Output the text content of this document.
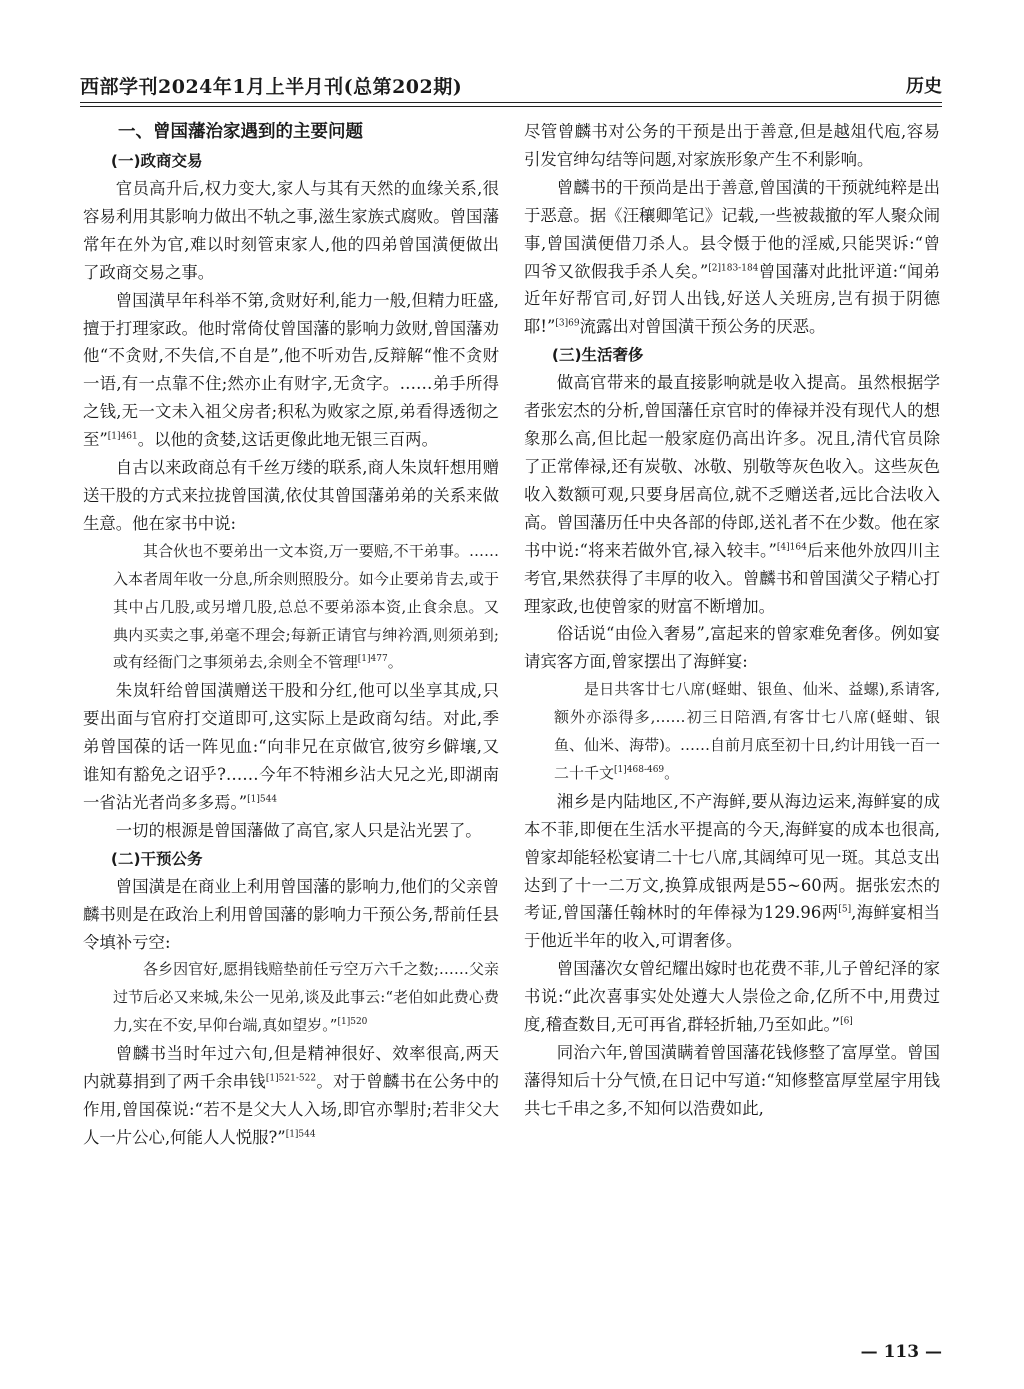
西部学刊2024年1月上半月刊(总第202期)	历史

一、曾国藩治家遇到的主要问题

(一)政商交易

官员高升后,权力变大,家人与其有天然的血缘关系,很容易利用其影响力做出不轨之事,滋生家族式腐败。曾国藩常年在外为官,难以时刻管束家人,他的四弟曾国潢便做出了政商交易之事。

曾国潢早年科举不第,贪财好利,能力一般,但精力旺盛,擅于打理家政。他时常倚仗曾国藩的影响力敛财,曾国藩劝他“不贪财,不失信,不自是”,他不听劝告,反辩解“惟不贪财一语,有一点靠不住;然亦止有财字,无贪字。……弟手所得之钱,无一文未入祖父房者;积私为败家之原,弟看得透彻之至”$^{[1]461}$。以他的贪婪,这话更像此地无银三百两。

自古以来政商总有千丝万缕的联系,商人朱岚轩想用赠送干股的方式来拉拢曾国潢,依仗其曾国藩弟弟的关系来做生意。他在家书中说:

其合伙也不要弟出一文本资,万一要赔,不干弟事。……入本者周年收一分息,所余则照股分。如今止要弟肯去,或于其中占几股,或另增几股,总总不要弟添本资,止食余息。又典内买卖之事,弟毫不理会;每新正请官与绅衿酒,则须弟到;或有经衙门之事须弟去,余则全不管理$^{[1]477}$。

朱岚轩给曾国潢赠送干股和分红,他可以坐享其成,只要出面与官府打交道即可,这实际上是政商勾结。对此,季弟曾国葆的话一阵见血:“向非兄在京做官,彼穷乡僻壤,又谁知有豁免之诏乎?……今年不特湘乡沾大兄之光,即湖南一省沾光者尚多多焉。”$^{[1]544}$

一切的根源是曾国藩做了高官,家人只是沾光罢了。

(二)干预公务

曾国潢是在商业上利用曾国藩的影响力,他们的父亲曾麟书则是在政治上利用曾国藩的影响力干预公务,帮前任县令填补亏空:

各乡因官好,愿捐钱赔垫前任亏空万六千之数;……父亲过节后必又来城,朱公一见弟,谈及此事云:“老伯如此费心费力,实在不安,早仰台端,真如望岁。”$^{[1]520}$

曾麟书当时年过六旬,但是精神很好、效率很高,两天内就募捐到了两千余串钱$^{[1]521-522}$。对于曾麟书在公务中的作用,曾国葆说:“若不是父大人入场,即官亦掣肘;若非父大人一片公心,何能人人悦服?”$^{[1]544}$

尽管曾麟书对公务的干预是出于善意,但是越俎代庖,容易引发官绅勾结等问题,对家族形象产生不利影响。

曾麟书的干预尚是出于善意,曾国潢的干预就纯粹是出于恶意。据《汪穰卿笔记》记载,一些被裁撤的军人聚众闹事,曾国潢便借刀杀人。县令慑于他的淫威,只能哭诉:“曾四爷又欲假我手杀人矣。”$^{[2]183-184}$曾国藩对此批评道:“闻弟近年好帮官司,好罚人出钱,好送人关班房,岂有损于阴德耶!”$^{[3]69}$流露出对曾国潢干预公务的厌恶。

(三)生活奢侈

做高官带来的最直接影响就是收入提高。虽然根据学者张宏杰的分析,曾国藩任京官时的俸禄并没有现代人的想象那么高,但比起一般家庭仍高出许多。况且,清代官员除了正常俸禄,还有炭敬、冰敬、别敬等灰色收入。这些灰色收入数额可观,只要身居高位,就不乏赠送者,远比合法收入高。曾国藩历任中央各部的侍郎,送礼者不在少数。他在家书中说:“将来若做外官,禄入较丰。”$^{[4]164}$后来他外放四川主考官,果然获得了丰厚的收入。曾麟书和曾国潢父子精心打理家政,也使曾家的财富不断增加。

俗话说“由俭入奢易”,富起来的曾家难免奢侈。例如宴请宾客方面,曾家摆出了海鲜宴:

是日共客廿七八席(蛏蚶、银鱼、仙米、益螺),系请客,额外亦添得多,……初三日陪酒,有客廿七八席(蛏蚶、银鱼、仙米、海带)。……自前月底至初十日,约计用钱一百一二十千文$^{[1]468-469}$。

湘乡是内陆地区,不产海鲜,要从海边运来,海鲜宴的成本不菲,即便在生活水平提高的今天,海鲜宴的成本也很高,曾家却能轻松宴请二十七八席,其阔绰可见一斑。其总支出达到了十一二万文,换算成银两是55~60两。据张宏杰的考证,曾国藩任翰林时的年俸禄为129.96两[5],海鲜宴相当于他近半年的收入,可谓奢侈。

曾国藩次女曾纪耀出嫁时也花费不菲,儿子曾纪泽的家书说:“此次喜事实处处遵大人崇俭之命,亿所不中,用费过度,稽查数目,无可再省,群轻折轴,乃至如此。”[6]

同治六年,曾国潢瞒着曾国藩花钱修整了富厚堂。曾国藩得知后十分气愤,在日记中写道:“知修整富厚堂屋宇用钱共七千串之多,不知何以浩费如此,

— 113 —
